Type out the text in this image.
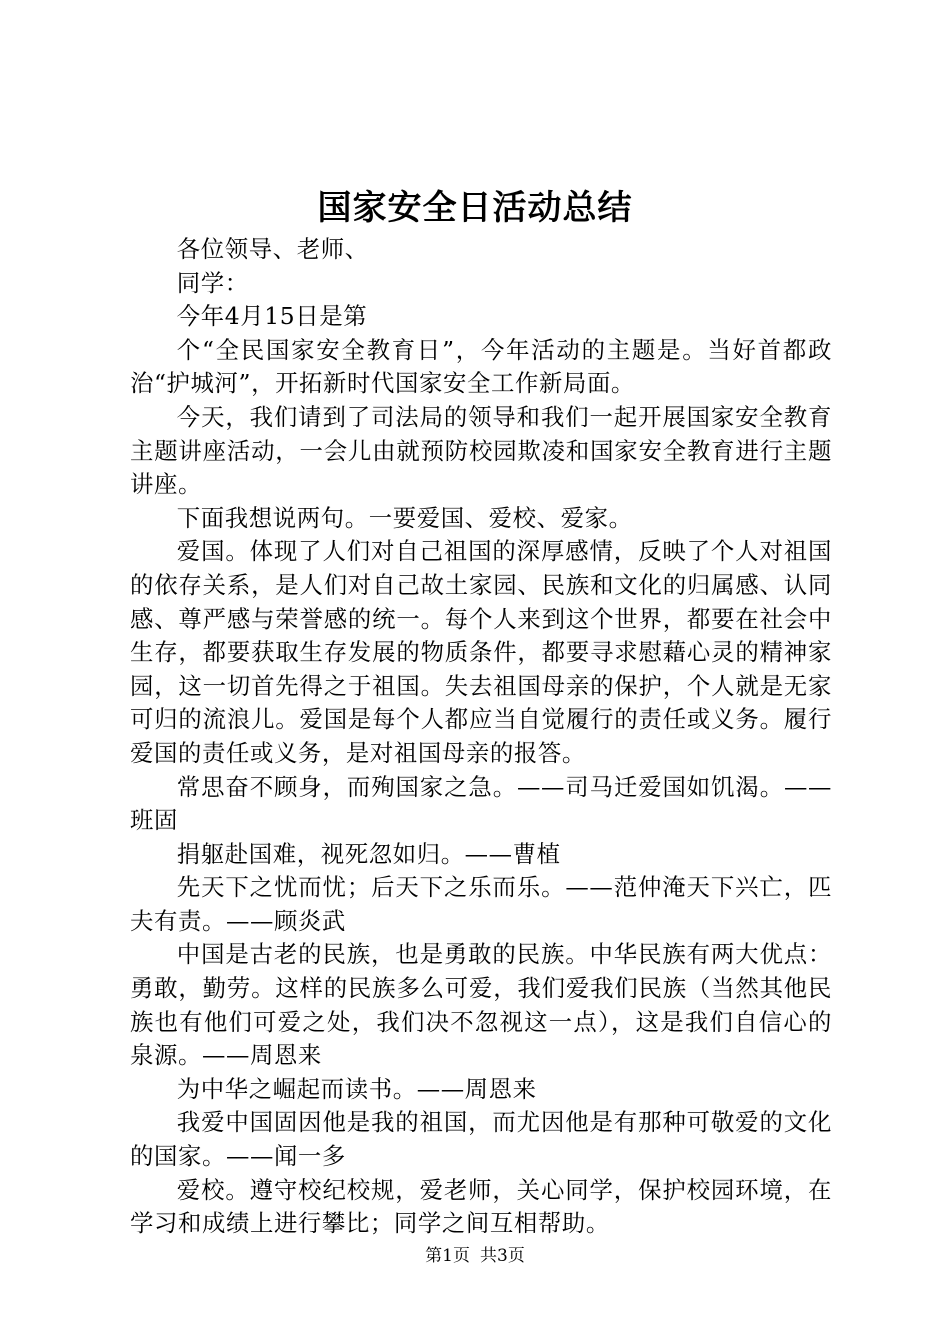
国家安全日活动总结

各位领导、老师、

同学：

今年4月15日是第

个“全民国家安全教育日”，今年活动的主题是。当好首都政治“护城河”，开拓新时代国家安全工作新局面。

今天，我们请到了司法局的领导和我们一起开展国家安全教育主题讲座活动，一会儿由就预防校园欺凌和国家安全教育进行主题讲座。

下面我想说两句。一要爱国、爱校、爱家。

爱国。体现了人们对自己祖国的深厚感情，反映了个人对祖国的依存关系，是人们对自己故土家园、民族和文化的归属感、认同感、尊严感与荣誉感的统一。每个人来到这个世界，都要在社会中生存，都要获取生存发展的物质条件，都要寻求慰藉心灵的精神家园，这一切首先得之于祖国。失去祖国母亲的保护，个人就是无家可归的流浪儿。爱国是每个人都应当自觉履行的责任或义务。履行爱国的责任或义务，是对祖国母亲的报答。

常思奋不顾身，而殉国家之急。——司马迁爱国如饥渴。——班固

捐躯赴国难，视死忽如归。——曹植

先天下之忧而忧；后天下之乐而乐。——范仲淹天下兴亡，匹夫有责。——顾炎武

中国是古老的民族，也是勇敢的民族。中华民族有两大优点：勇敢，勤劳。这样的民族多么可爱，我们爱我们民族（当然其他民族也有他们可爱之处，我们决不忽视这一点），这是我们自信心的泉源。——周恩来

为中华之崛起而读书。——周恩来

我爱中国固因他是我的祖国，而尤因他是有那种可敬爱的文化的国家。——闻一多

爱校。遵守校纪校规，爱老师，关心同学，保护校园环境，在学习和成绩上进行攀比；同学之间互相帮助。

第1页 共3页
